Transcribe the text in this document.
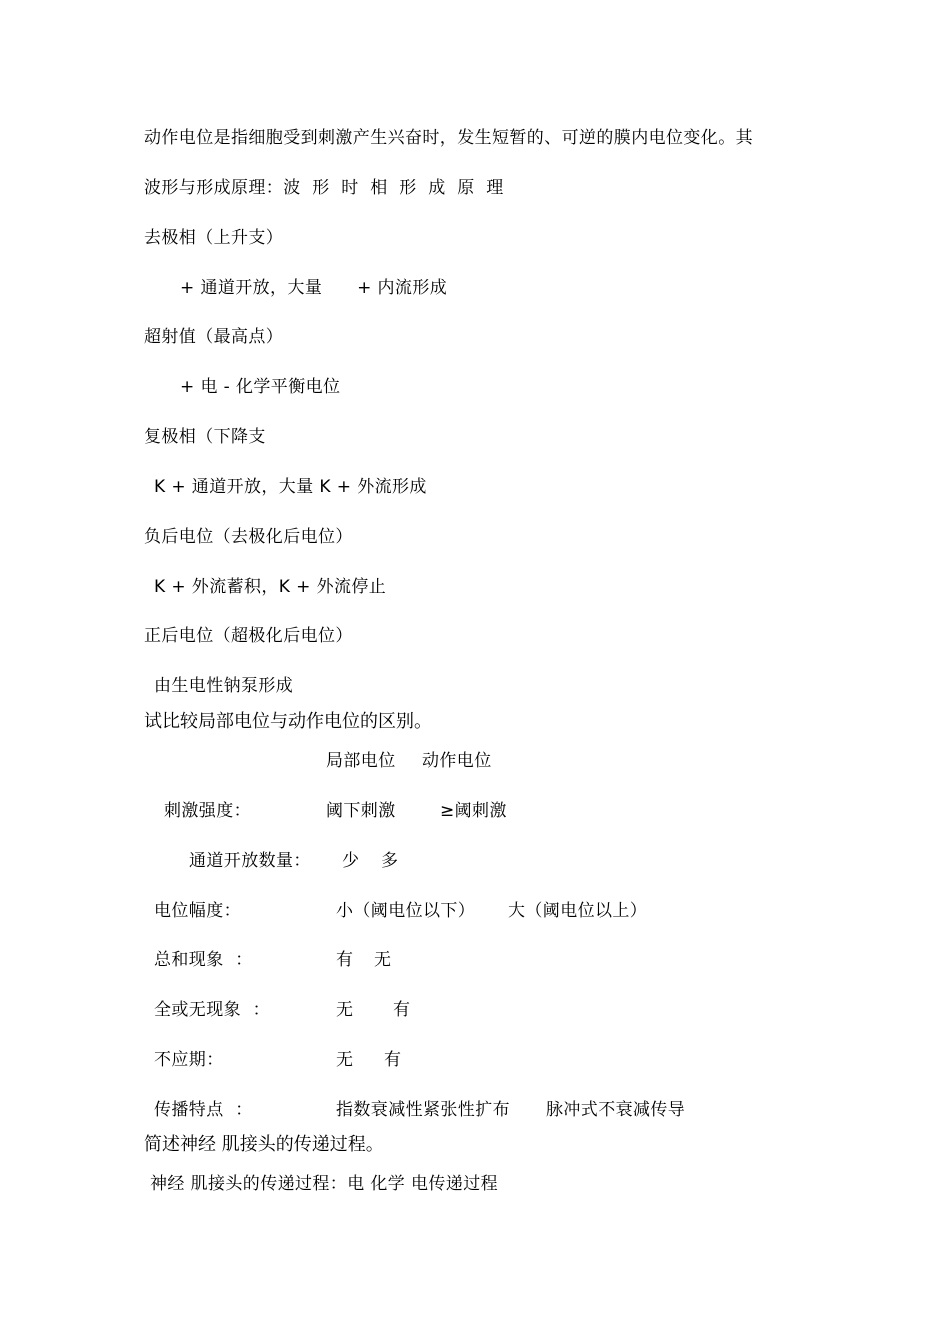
动作电位是指细胞受到刺激产生兴奋时，发生短暂的、可逆的膜内电位变化。其
波形与形成原理：波  形  时  相  形  成  原  理
去极相（上升支）
+ 通道开放，大量      + 内流形成
超射值（最高点）
+ 电 - 化学平衡电位
复极相（下降支
K + 通道开放，大量 K + 外流形成
负后电位（去极化后电位）
K + 外流蓄积，K + 外流停止
正后电位（超极化后电位）
由生电性钠泵形成
试比较局部电位与动作电位的区别。
局部电位 动作电位
刺激强度：	阈下刺激	≥阈刺激
通道开放数量： 少 多
电位幅度：	小（阈电位以下） 大（阈电位以上）
总和现象  ：	有 无
全或无现象  ：	无 有
不应期：	无 有
传播特点  ：	指数衰减性紧张性扩布 脉冲式不衰减传导
简述神经 肌接头的传递过程。
神经 肌接头的传递过程：电 化学 电传递过程
